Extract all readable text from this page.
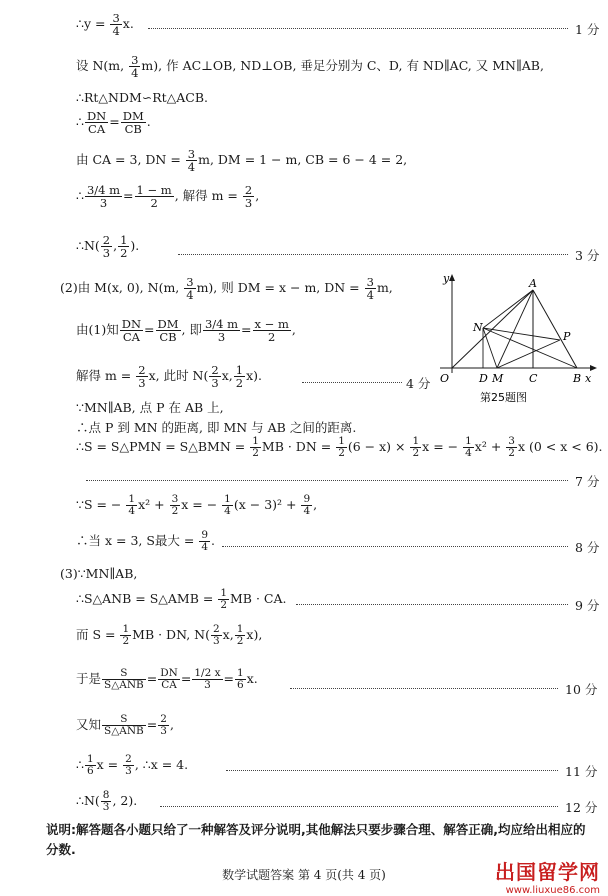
∴y = $\frac{3}{4} x$.	1 分
设 N(m, $\frac{3}{4} m$), 作 AC⊥OB, ND⊥OB, 垂足分别为 C、D, 有 ND∥AC, 又 MN∥AB,
∴Rt△NDM∽Rt△ACB.
∴ $\frac{DN}{CA} = \frac{DM}{CB}$ .
由 CA = 3, DN = $\frac{3}{4} m$, DM = 1 − m, CB = 6 − 4 = 2,
∴ $\frac{3/4 m}{3} = \frac{1 - m}{2}$ , 解得 $m = \frac{2}{3}$ ,
∴N( $\frac{2}{3}$ , $\frac{1}{2}$ ).
3 分
(2)由 M(x, 0), N(m, $\frac{3}{4} m$), 则 DM = x − m, DN = $\frac{3}{4} m$,
由(1)知 $\frac{DN}{CA} = \frac{DM}{CB}$ , 即 $\frac{3/4 m}{3} = \frac{x - m}{2}$ ,
解得 $m = \frac{2}{3} x$, 此时 $N( \frac{2}{3} x$, $\frac{1}{2} x$).
4 分
y
x
O
A
N
P
D M C	B
第25题图
∵MN∥AB, 点 P 在 AB 上,
∴点 P 到 MN 的距离, 即 MN 与 AB 之间的距离.
∴S = S△PMN = S△BMN = $\frac{1}{2}$ MB · DN = $\frac{1}{2} (6 - x) \times \frac{1}{2}$ x = − $\frac{1}{4} x^2 + \frac{3}{2}$ x (0 < x < 6).
7 分
∵S = − $\frac{1}{4} x^2 + \frac{3}{2}$ x = − $\frac{1}{4} (x - 3)^2 + \frac{9}{4}$ ,
∴当 x = 3, S最大 = $\frac{9}{4}$ .	8 分
(3)∵MN∥AB,
∴S△ANB = S△AMB = $\frac{1}{2}$ MB · CA.	9 分
而 $S = \frac{1}{2}$ MB · DN, $N( \frac{2}{3} x$, $\frac{1}{2} x$),
于是	S
S△ANB = $\frac{DN}{CA} = \frac{1/2 x}{3} = \frac{1}{6} x$.
10 分
又知	S
S△ANB = $\frac{2}{3}$ ,
∴ $\frac{1}{6}$ $x = \frac{2}{3}$ , ∴x = 4.	11 分
∴N( $\frac{8}{3}$ , 2).	12 分
说明:解答题各小题只给了一种解答及评分说明,其他解法只要步骤合理、解答正确,均应给出相应的分数.
数学试题答案 第 4 页(共 4 页)	出国留学网
www.liuxue86.com
